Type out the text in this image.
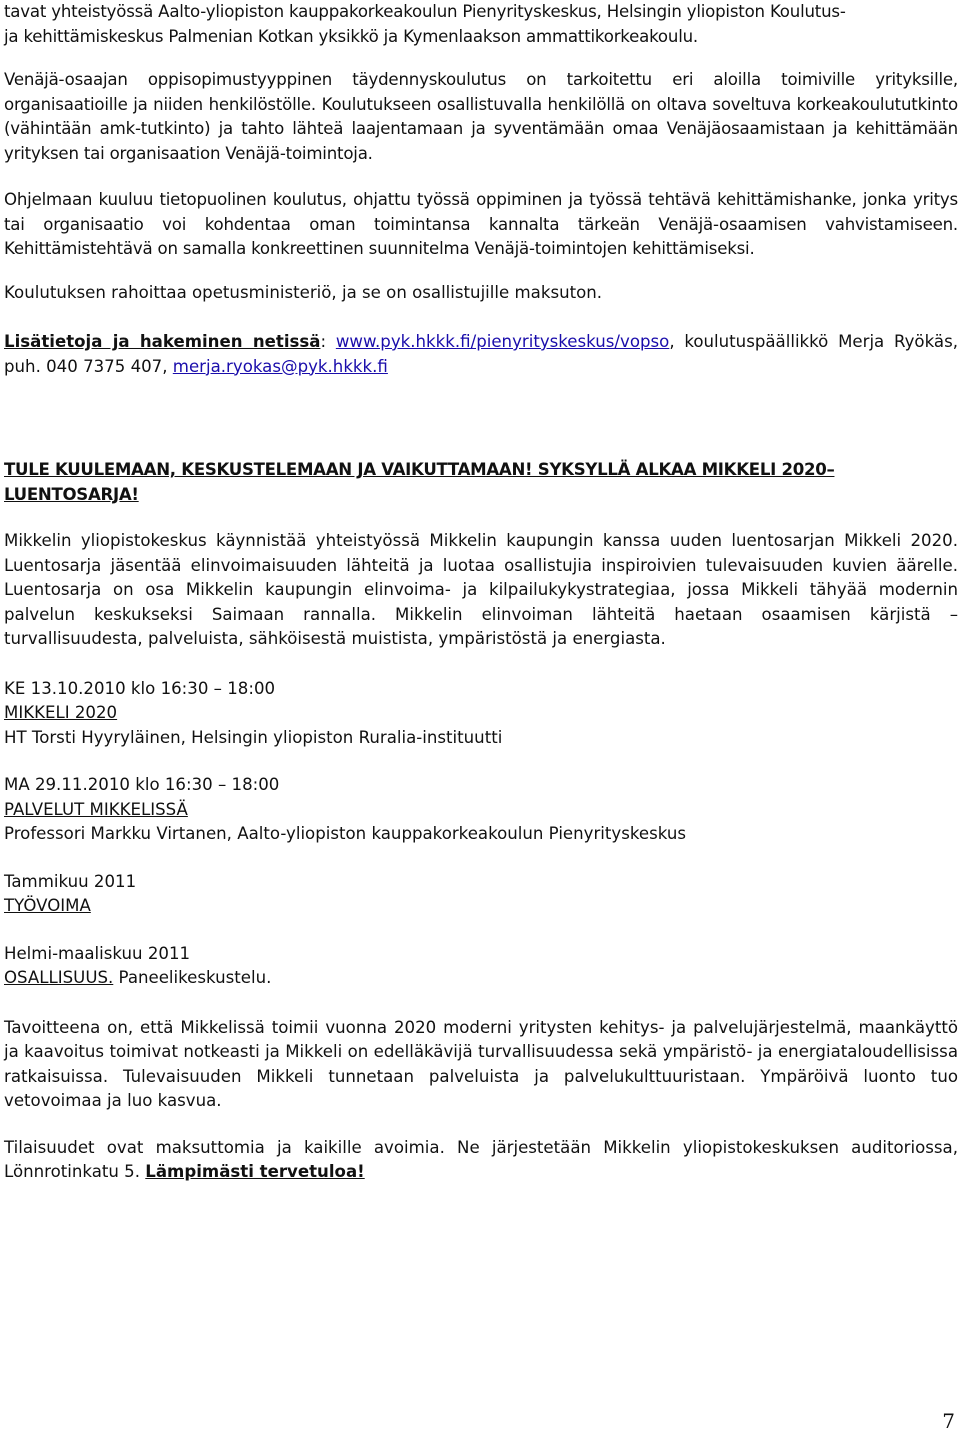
tavat yhteistyössä Aalto-yliopiston kauppakorkeakoulun Pienyrityskeskus, Helsingin yliopiston Koulutus-
ja kehittämiskeskus Palmenian Kotkan yksikkö ja Kymenlaakson ammattikorkeakoulu.

Venäjä-osaajan oppisopimustyyppinen täydennyskoulutus on tarkoitettu eri aloilla toimiville yrityksille, organisaatioille ja niiden henkilöstölle. Koulutukseen osallistuvalla henkilöllä on oltava soveltuva korkeakoulututkinto (vähintään amk-tutkinto) ja tahto lähteä laajentamaan ja syventämään omaa Venäjäosaamistaan ja kehittämään yrityksen tai organisaation Venäjä-toimintoja.

Ohjelmaan kuuluu tietopuolinen koulutus, ohjattu työssä oppiminen ja työssä tehtävä kehittämishanke, jonka yritys tai organisaatio voi kohdentaa oman toimintansa kannalta tärkeän Venäjä-osaamisen vahvistamiseen. Kehittämistehtävä on samalla konkreettinen suunnitelma Venäjä-toimintojen kehittämiseksi.

Koulutuksen rahoittaa opetusministeriö, ja se on osallistujille maksuton.

Lisätietoja ja hakeminen netissä: www.pyk.hkkk.fi/pienyrityskeskus/vopso, koulutuspäällikkö Merja Ryökäs, puh. 040 7375 407, merja.ryokas@pyk.hkkk.fi

TULE KUULEMAAN, KESKUSTELEMAAN JA VAIKUTTAMAAN! SYKSYLLÄ ALKAA MIKKELI 2020– LUENTOSARJA!

Mikkelin yliopistokeskus käynnistää yhteistyössä Mikkelin kaupungin kanssa uuden luentosarjan Mikkeli 2020. Luentosarja jäsentää elinvoimaisuuden lähteitä ja luotaa osallistujia inspiroivien tulevaisuuden kuvien äärelle. Luentosarja on osa Mikkelin kaupungin elinvoima- ja kilpailukykystrategiaa, jossa Mikkeli tähyää modernin palvelun keskukseksi Saimaan rannalla. Mikkelin elinvoiman lähteitä haetaan osaamisen kärjistä – turvallisuudesta, palveluista, sähköisestä muistista, ympäristöstä ja energiasta.

KE 13.10.2010 klo 16:30 – 18:00

MIKKELI 2020

HT Torsti Hyyryläinen, Helsingin yliopiston Ruralia-instituutti

MA 29.11.2010 klo 16:30 – 18:00

PALVELUT MIKKELISSÄ

Professori Markku Virtanen, Aalto-yliopiston kauppakorkeakoulun Pienyrityskeskus

Tammikuu 2011

TYÖVOIMA

Helmi-maaliskuu 2011

OSALLISUUS. Paneelikeskustelu.

Tavoitteena on, että Mikkelissä toimii vuonna 2020 moderni yritysten kehitys- ja palvelujärjestelmä, maankäyttö ja kaavoitus toimivat notkeasti ja Mikkeli on edelläkävijä turvallisuudessa sekä ympäristö- ja energiataloudellisissa ratkaisuissa. Tulevaisuuden Mikkeli tunnetaan palveluista ja palvelukulttuuristaan. Ympäröivä luonto tuo vetovoimaa ja luo kasvua.

Tilaisuudet ovat maksuttomia ja kaikille avoimia. Ne järjestetään Mikkelin yliopistokeskuksen auditoriossa, Lönnrotinkatu 5. Lämpimästi tervetuloa!

7
